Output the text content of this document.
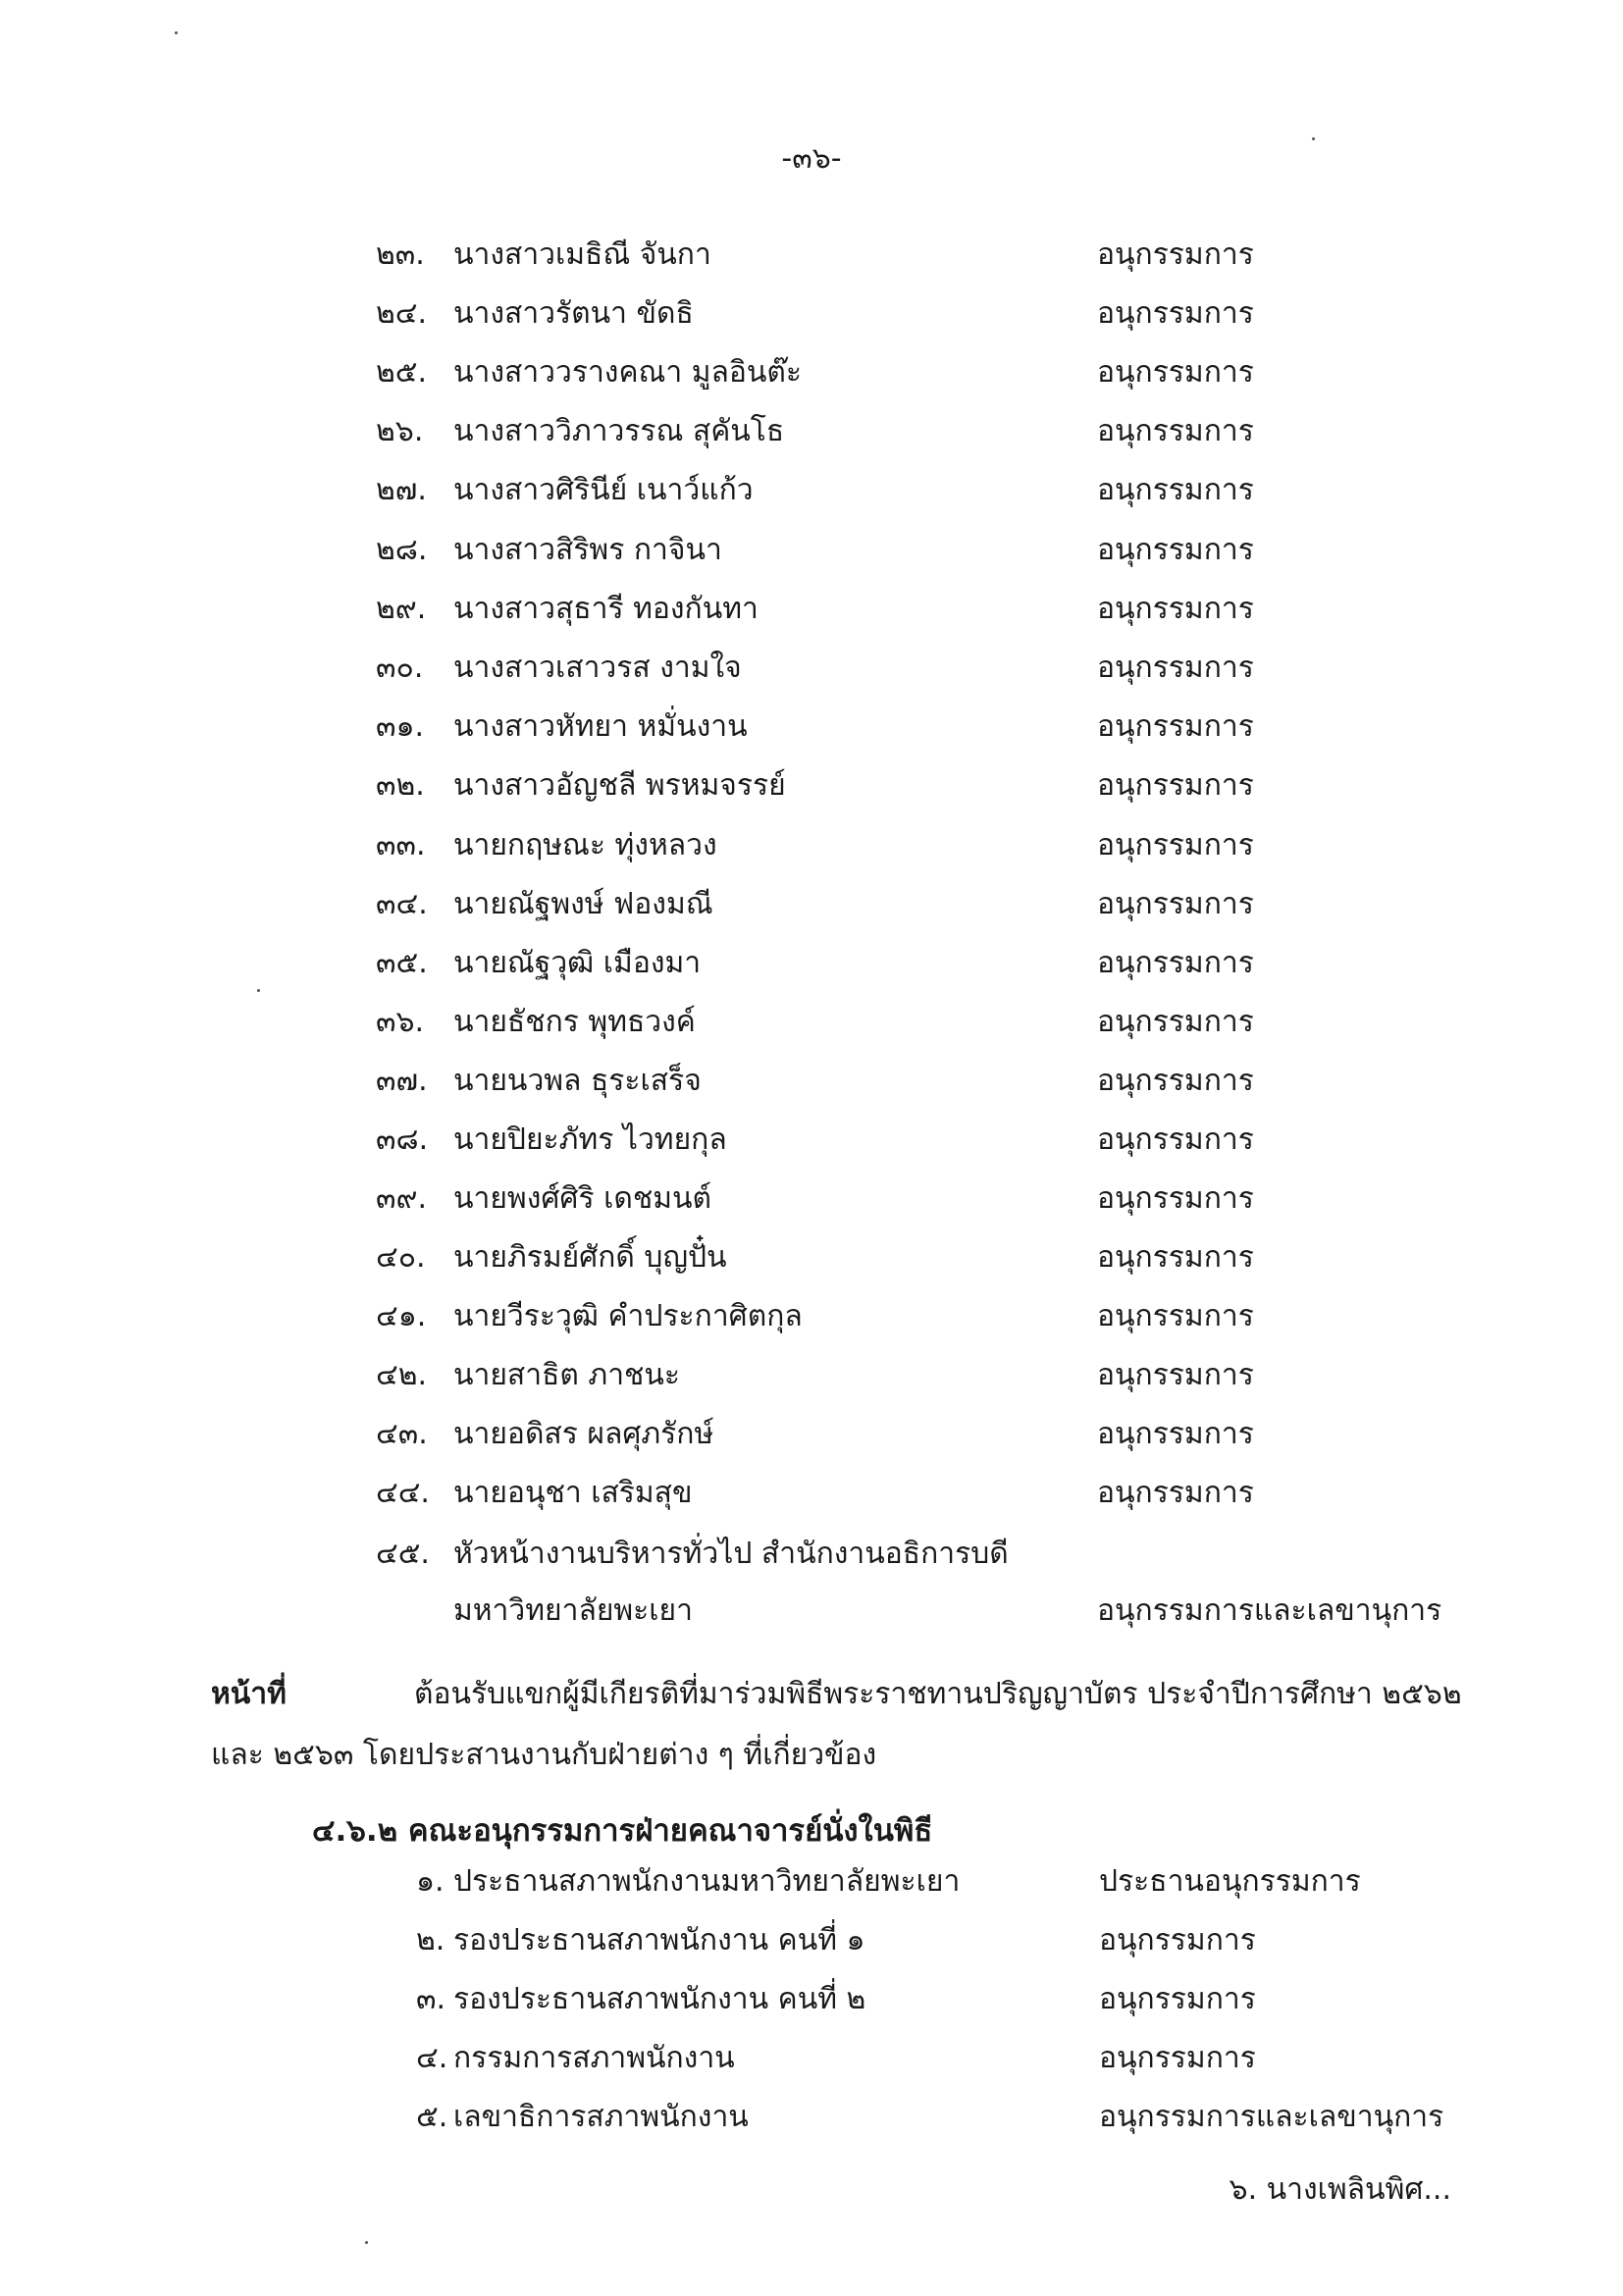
-๓๖-
๒๓. นางสาวเมธิณี จันกา	อนุกรรมการ
๒๔. นางสาวรัตนา ขัดธิ	อนุกรรมการ
๒๕. นางสาววรางคณา มูลอินต๊ะ	อนุกรรมการ
๒๖. นางสาววิภาวรรณ สุคันโธ	อนุกรรมการ
๒๗. นางสาวศิรินีย์ เนาว์แก้ว	อนุกรรมการ
๒๘. นางสาวสิริพร กาจินา	อนุกรรมการ
๒๙. นางสาวสุธารี ทองกันทา	อนุกรรมการ
๓๐. นางสาวเสาวรส งามใจ	อนุกรรมการ
๓๑. นางสาวหัทยา หมั่นงาน	อนุกรรมการ
๓๒. นางสาวอัญชลี พรหมจรรย์	อนุกรรมการ
๓๓. นายกฤษณะ ทุ่งหลวง	อนุกรรมการ
๓๔. นายณัฐพงษ์ ฟองมณี	อนุกรรมการ
๓๕. นายณัฐวุฒิ เมืองมา	อนุกรรมการ
๓๖. นายธัชกร พุทธวงค์	อนุกรรมการ
๓๗. นายนวพล ธุระเสร็จ	อนุกรรมการ
๓๘. นายปิยะภัทร ไวทยกุล	อนุกรรมการ
๓๙. นายพงศ์ศิริ เดชมนต์	อนุกรรมการ
๔๐. นายภิรมย์ศักดิ์ บุญปั๋น	อนุกรรมการ
๔๑. นายวีระวุฒิ คำประกาศิตกุล	อนุกรรมการ
๔๒. นายสาธิต ภาชนะ	อนุกรรมการ
๔๓. นายอดิสร ผลศุภรักษ์	อนุกรรมการ
๔๔. นายอนุชา เสริมสุข	อนุกรรมการ
๔๕. หัวหน้างานบริหารทั่วไป สำนักงานอธิการบดี
มหาวิทยาลัยพะเยา	อนุกรรมการและเลขานุการ
หน้าที่	ต้อนรับแขกผู้มีเกียรติที่มาร่วมพิธีพระราชทานปริญญาบัตร ประจำปีการศึกษา ๒๕๖๒
และ ๒๕๖๓ โดยประสานงานกับฝ่ายต่าง ๆ ที่เกี่ยวข้อง
๔.๖.๒ คณะอนุกรรมการฝ่ายคณาจารย์นั่งในพิธี
๑. ประธานสภาพนักงานมหาวิทยาลัยพะเยา	ประธานอนุกรรมการ
๒. รองประธานสภาพนักงาน คนที่ ๑	อนุกรรมการ
๓. รองประธานสภาพนักงาน คนที่ ๒	อนุกรรมการ
๔. กรรมการสภาพนักงาน	อนุกรรมการ
๕. เลขาธิการสภาพนักงาน	อนุกรรมการและเลขานุการ
๖. นางเพลินพิศ...
